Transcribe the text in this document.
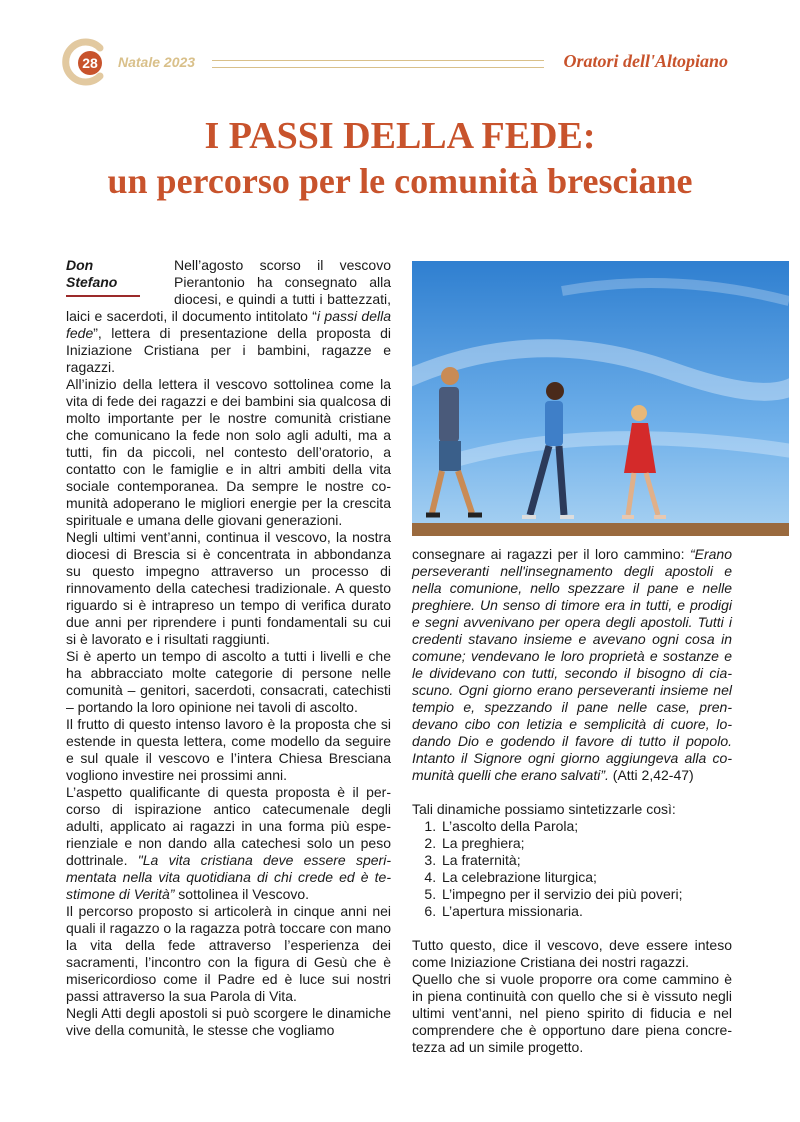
28	Natale 2023	Oratori dell'Altopiano
I PASSI DELLA FEDE:
un percorso per le comunità bresciane
Don
Stefano

Nell’agosto scorso il vescovo Pierantonio ha consegnato alla diocesi, e quindi a tutti i battezzati, laici e sacerdoti, il documento intitolato “i passi della fede”, lettera di presentazione della proposta di Iniziazione Cristiana per i bambini, ragazze e ragazzi.

All’inizio della lettera il vescovo sottolinea come la vita di fede dei ragazzi e dei bambini sia qualcosa di molto importante per le nostre comunità cristiane che comunicano la fede non solo agli adulti, ma a tutti, fin da piccoli, nel contesto dell’oratorio, a contatto con le famiglie e in altri ambiti della vita sociale contemporanea. Da sempre le nostre comunità adoperano le migliori energie per la crescita spirituale e umana delle giovani generazioni.

Negli ultimi vent’anni, continua il vescovo, la nostra diocesi di Brescia si è concentrata in abbondanza su questo impegno attraverso un processo di rinnovamento della catechesi tradizionale. A questo riguardo si è intrapreso un tempo di verifica durato due anni per riprendere i punti fondamentali su cui si è lavorato e i risultati raggiunti.

Si è aperto un tempo di ascolto a tutti i livelli e che ha abbracciato molte categorie di persone nelle comunità – genitori, sacerdoti, consacrati, catechisti – portando la loro opinione nei tavoli di ascolto.

Il frutto di questo intenso lavoro è la proposta che si estende in questa lettera, come modello da seguire e sul quale il vescovo e l’intera Chiesa Bresciana vogliono investire nei prossimi anni.

L’aspetto qualificante di questa proposta è il percorso di ispirazione antico catecumenale degli adulti, applicato ai ragazzi in una forma più esperienziale e non dando alla catechesi solo un peso dottrinale. "La vita cristiana deve essere sperimentata nella vita quotidiana di chi crede ed è testimone di Verità” sottolinea il Vescovo.

Il percorso proposto si articolerà in cinque anni nei quali il ragazzo o la ragazza potrà toccare con mano la vita della fede attraverso l’esperienza dei sacramenti, l’incontro con la figura di Gesù che è misericordioso come il Padre ed è luce sui nostri passi attraverso la sua Parola di Vita.

Negli Atti degli apostoli si può scorgere le dinamiche vive della comunità, le stesse che vogliamo

consegnare ai ragazzi per il loro cammino: “Erano perseveranti nell'insegnamento degli apostoli e nella comunione, nello spezzare il pane e nelle preghiere. Un senso di timore era in tutti, e prodigi e segni avvenivano per opera degli apostoli. Tutti i credenti stavano insieme e avevano ogni cosa in comune; vendevano le loro proprietà e sostanze e le dividevano con tutti, secondo il bisogno di ciascuno. Ogni giorno erano perseveranti insieme nel tempio e, spezzando il pane nelle case, prendevano cibo con letizia e semplicità di cuore, lodando Dio e godendo il favore di tutto il popolo. Intanto il Signore ogni giorno aggiungeva alla comunità quelli che erano salvati”. (Atti 2,42-47)

Tali dinamiche possiamo sintetizzarle così:

1. L’ascolto della Parola;
2. La preghiera;
3. La fraternità;
4. La celebrazione liturgica;
5. L’impegno per il servizio dei più poveri;
6. L’apertura missionaria.

Tutto questo, dice il vescovo, deve essere inteso come Iniziazione Cristiana dei nostri ragazzi.

Quello che si vuole proporre ora come cammino è in piena continuità con quello che si è vissuto negli ultimi vent’anni, nel pieno spirito di fiducia e nel comprendere che è opportuno dare piena concretezza ad un simile progetto.
